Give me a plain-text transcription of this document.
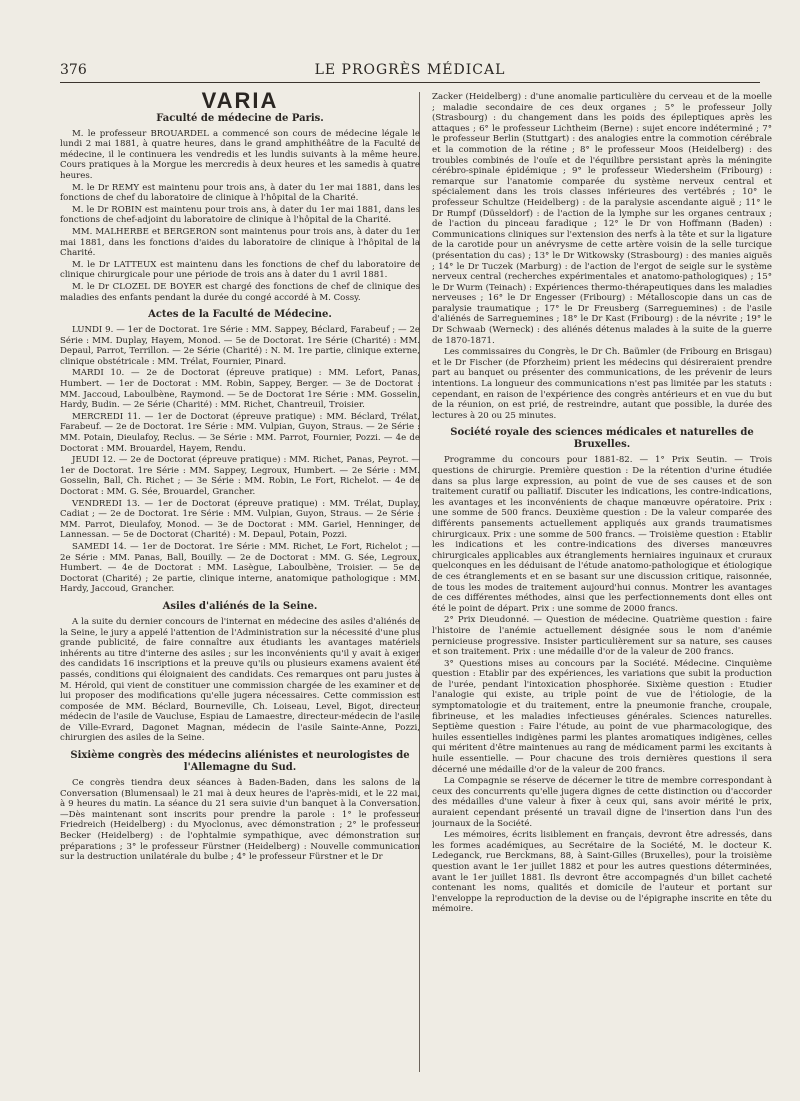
376	LE PROGRÈS MÉDICAL
VARIA
Faculté de médecine de Paris.

M. le professeur BROUARDEL a commencé son cours de médecine légale le lundi 2 mai 1881, à quatre heures, dans le grand amphithéâtre de la Faculté de médecine, il le continuera les vendredis et les lundis suivants à la même heure. Cours pratiques à la Morgue les mercredis à deux heures et les samedis à quatre heures.

M. le Dr REMY est maintenu pour trois ans, à dater du 1er mai 1881, dans les fonctions de chef du laboratoire de clinique à l'hôpital de la Charité.

M. le Dr ROBIN est maintenu pour trois ans, à dater du 1er mai 1881, dans les fonctions de chef-adjoint du laboratoire de clinique à l'hôpital de la Charité.

MM. MALHERBE et BERGERON sont maintenus pour trois ans, à dater du 1er mai 1881, dans les fonctions d'aides du laboratoire de clinique à l'hôpital de la Charité.

M. le Dr LATTEUX est maintenu dans les fonctions de chef du laboratoire de clinique chirurgicale pour une période de trois ans à dater du 1 avril 1881.

M. le Dr CLOZEL DE BOYER est chargé des fonctions de chef de clinique des maladies des enfants pendant la durée du congé accordé à M. Cossy.

Actes de la Faculté de Médecine.

LUNDI 9. — 1er de Doctorat. 1re Série : MM. Sappey, Béclard, Farabeuf ; — 2e Série : MM. Duplay, Hayem, Monod. — 5e de Doctorat. 1re Série (Charité) : MM. Depaul, Parrot, Terrillon. — 2e Série (Charité) : N. M. 1re partie, clinique externe, clinique obstétricale : MM. Trélat, Fournier, Pinard.

MARDI 10. — 2e de Doctorat (épreuve pratique) : MM. Lefort, Panas, Humbert. — 1er de Doctorat : MM. Robin, Sappey, Berger. — 3e de Doctorat : MM. Jaccoud, Laboulbène, Raymond. — 5e de Doctorat 1re Série : MM. Gosselin, Hardy, Budin. — 2e Série (Charité) : MM. Richet, Chantreuil, Troisier.

MERCREDI 11. — 1er de Doctorat (épreuve pratique) : MM. Béclard, Trélat, Farabeuf. — 2e de Doctorat. 1re Série : MM. Vulpian, Guyon, Straus. — 2e Série : MM. Potain, Dieulafoy, Reclus. — 3e Série : MM. Parrot, Fournier, Pozzi. — 4e de Doctorat : MM. Brouardel, Hayem, Rendu.

JEUDI 12. — 2e de Doctorat (épreuve pratique) : MM. Richet, Panas, Peyrot. — 1er de Doctorat. 1re Série : MM. Sappey, Legroux, Humbert. — 2e Série : MM. Gosselin, Ball, Ch. Richet ; — 3e Série : MM. Robin, Le Fort, Richelot. — 4e de Doctorat : MM. G. Sée, Brouardel, Grancher.

VENDREDI 13. — 1er de Doctorat (épreuve pratique) : MM. Trélat, Duplay, Cadiat ; — 2e de Doctorat. 1re Série : MM. Vulpian, Guyon, Straus. — 2e Série : MM. Parrot, Dieulafoy, Monod. — 3e de Doctorat : MM. Gariel, Henninger, de Lannessan. — 5e de Doctorat (Charité) : M. Depaul, Potain, Pozzi.

SAMEDI 14. — 1er de Doctorat. 1re Série : MM. Richet, Le Fort, Richelot ; — 2e Série : MM. Panas, Ball, Bouilly. — 2e de Doctorat : MM. G. Sée, Legroux, Humbert. — 4e de Doctorat : MM. Lasègue, Laboulbène, Troisier. — 5e de Doctorat (Charité) ; 2e partie, clinique interne, anatomique pathologique : MM. Hardy, Jaccoud, Grancher.

Asiles d'aliénés de la Seine.

A la suite du dernier concours de l'internat en médecine des asiles d'aliénés de la Seine, le jury a appelé l'attention de l'Administration sur la nécessité d'une plus grande publicité, de faire connaître aux étudiants les avantages matériels inhérents au titre d'interne des asiles ; sur les inconvénients qu'il y avait à exiger des candidats 16 inscriptions et la preuve qu'ils ou plusieurs examens avaient été passés, conditions qui éloignaient des candidats. Ces remarques ont paru justes à M. Hérold, qui vient de constituer une commission chargée de les examiner et de lui proposer des modifications qu'elle jugera nécessaires. Cette commission est composée de MM. Béclard, Bourneville, Ch. Loiseau, Level, Bigot, directeur médecin de l'asile de Vaucluse, Espiau de Lamaestre, directeur-médecin de l'asile de Ville-Evrard, Dagonet Magnan, médecin de l'asile Sainte-Anne, Pozzi, chirurgien des asiles de la Seine.

Sixième congrès des médecins aliénistes et neurologistes de l'Allemagne du Sud.

Ce congrès tiendra deux séances à Baden-Baden, dans les salons de la Conversation (Blumensaal) le 21 mai à deux heures de l'après-midi, et le 22 mai, à 9 heures du matin. La séance du 21 sera suivie d'un banquet à la Conversation. —Dès maintenant sont inscrits pour prendre la parole : 1° le professeur Friedreich (Heidelberg) : du Myoclonus, avec démonstration ; 2° le professeur Becker (Heidelberg) : de l'ophtalmie sympathique, avec démonstration sur préparations ; 3° le professeur Fürstner (Heidelberg) : Nouvelle communication sur la destruction unilatérale du bulbe ; 4° le professeur Fürstner et le Dr

Zacker (Heidelberg) : d'une anomalie particulière du cerveau et de la moelle ; maladie secondaire de ces deux organes ; 5° le professeur Jolly (Strasbourg) : du changement dans les poids des épileptiques après les attaques ; 6° le professeur Lichtheim (Berne) : sujet encore indéterminé ; 7° le professeur Berlin (Stuttgart) : des analogies entre la commotion cérébrale et la commotion de la rétine ; 8° le professeur Moos (Heidelberg) : des troubles combinés de l'ouïe et de l'équilibre persistant après la méningite cérébro-spinale épidémique ; 9° le professeur Wiedersheim (Fribourg) : remarque sur l'anatomie comparée du système nerveux central et spécialement dans les trois classes inférieures des vertébrés ; 10° le professeur Schultze (Heidelberg) : de la paralysie ascendante aiguë ; 11° le Dr Rumpf (Düsseldorf) : de l'action de la lymphe sur les organes centraux ; de l'action du pinceau faradique ; 12° le Dr von Hoffmann (Baden) : Communications cliniques sur l'extension des nerfs à la tête et sur la ligature de la carotide pour un anévrysme de cette artère voisin de la selle turcique (présentation du cas) ; 13° le Dr Witkowsky (Strasbourg) : des manies aiguës ; 14° le Dr Tuczek (Marburg) : de l'action de l'ergot de seigle sur le système nerveux central (recherches expérimentales et anatomo-pathologiques) ; 15° le Dr Wurm (Teinach) : Expériences thermo-thérapeutiques dans les maladies nerveuses ; 16° le Dr Engesser (Fribourg) : Métalloscopie dans un cas de paralysie traumatique ; 17° le Dr Freusberg (Sarreguemines) : de l'asile d'aliénés de Sarreguemines ; 18° le Dr Kast (Fribourg) : de la névrite ; 19° le Dr Schwaab (Werneck) : des aliénés détenus malades à la suite de la guerre de 1870-1871.

Les commissaires du Congrès, le Dr Ch. Baümler (de Fribourg en Brisgau) et le Dr Fischer (de Pforzheim) prient les médecins qui désireraient prendre part au banquet ou présenter des communications, de les prévenir de leurs intentions. La longueur des communications n'est pas limitée par les statuts : cependant, en raison de l'expérience des congrès antérieurs et en vue du but de la réunion, on est prié, de restreindre, autant que possible, la durée des lectures à 20 ou 25 minutes.

Société royale des sciences médicales et naturelles de Bruxelles.

Programme du concours pour 1881-82. — 1° Prix Seutin. — Trois questions de chirurgie. Première question : De la rétention d'urine étudiée dans sa plus large expression, au point de vue de ses causes et de son traitement curatif ou palliatif. Discuter les indications, les contre-indications, les avantages et les inconvénients de chaque manœuvre opératoire. Prix : une somme de 500 francs. Deuxième question : De la valeur comparée des différents pansements actuellement appliqués aux grands traumatismes chirurgicaux. Prix : une somme de 500 francs. — Troisième question : Etablir les indications et les contre-indications des diverses manœuvres chirurgicales applicables aux étranglements herniaires inguinaux et cruraux quelconques en les déduisant de l'étude anatomo-pathologique et étiologique de ces étranglements et en se basant sur une discussion critique, raisonnée, de tous les modes de traitement aujourd'hui connus. Montrer les avantages de ces différentes méthodes, ainsi que les perfectionnements dont elles ont été le point de départ. Prix : une somme de 2000 francs.

2° Prix Dieudonné. — Question de médecine. Quatrième question : faire l'histoire de l'anémie actuellement désignée sous le nom d'anémie pernicieuse progressive. Insister particulièrement sur sa nature, ses causes et son traitement. Prix : une médaille d'or de la valeur de 200 francs.

3° Questions mises au concours par la Société. Médecine. Cinquième question : Etablir par des expériences, les variations que subit la production de l'urée, pendant l'intoxication phosphorée. Sixième question : Etudier l'analogie qui existe, au triple point de vue de l'étiologie, de la symptomatologie et du traitement, entre la pneumonie franche, croupale, fibrineuse, et les maladies infectieuses générales. Sciences naturelles. Septième question : Faire l'étude, au point de vue pharmacologique, des huiles essentielles indigènes parmi les plantes aromatiques indigènes, celles qui méritent d'être maintenues au rang de médicament parmi les excitants à huile essentielle. — Pour chacune des trois dernières questions il sera décerné une médaille d'or de la valeur de 200 francs.

La Compagnie se réserve de décerner le titre de membre correspondant à ceux des concurrents qu'elle jugera dignes de cette distinction ou d'accorder des médailles d'une valeur à fixer à ceux qui, sans avoir mérité le prix, auraient cependant présenté un travail digne de l'insertion dans l'un des journaux de la Société.

Les mémoires, écrits lisiblement en français, devront être adressés, dans les formes académiques, au Secrétaire de la Société, M. le docteur K. Ledeganck, rue Berckmans, 88, à Saint-Gilles (Bruxelles), pour la troisième question avant le 1er juillet 1882 et pour les autres questions déterminées, avant le 1er juillet 1881. Ils devront être accompagnés d'un billet cacheté contenant les noms, qualités et domicile de l'auteur et portant sur l'enveloppe la reproduction de la devise ou de l'épigraphe inscrite en tête du mémoire.
